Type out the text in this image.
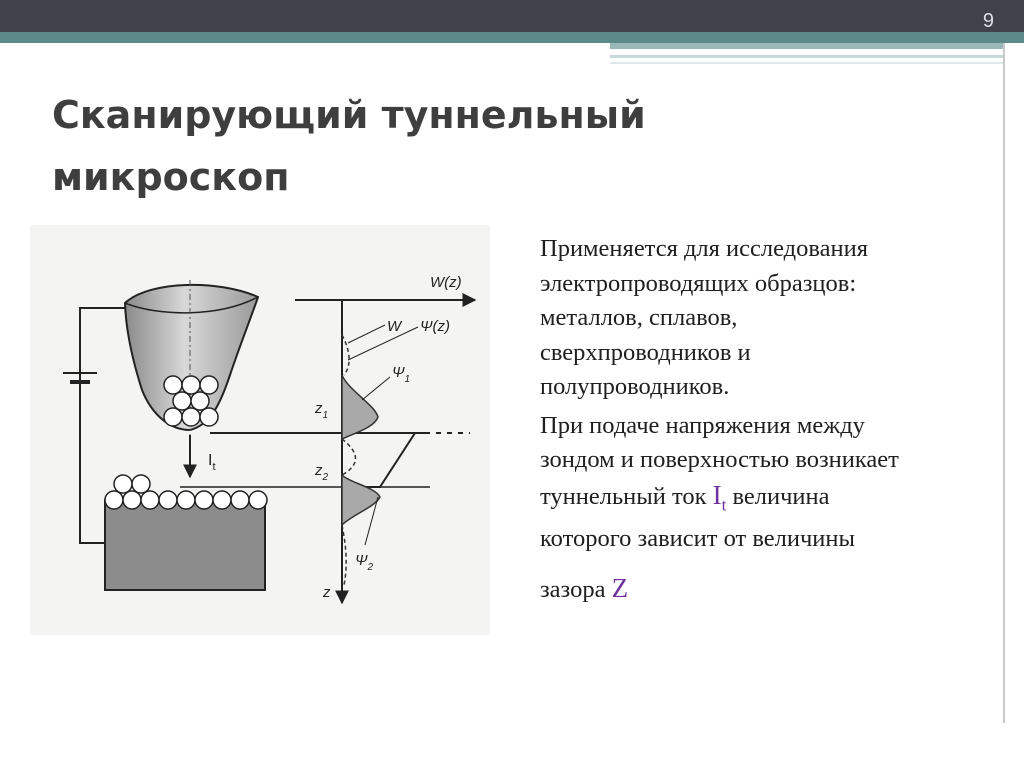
9
Сканирующий туннельный
микроскоп

Применяется для исследования
электропроводящих образцов:
металлов, сплавов,
сверхпроводников и
полупроводников.

При подаче напряжения между
зондом и поверхностью возникает
туннельный ток $I_t$ величина
которого зависит от величины
зазора Z

$I_t$
W(z)
W Ψ(z)
$\Psi_1$
$z_1$
$z_2$
$\Psi_2$
z
